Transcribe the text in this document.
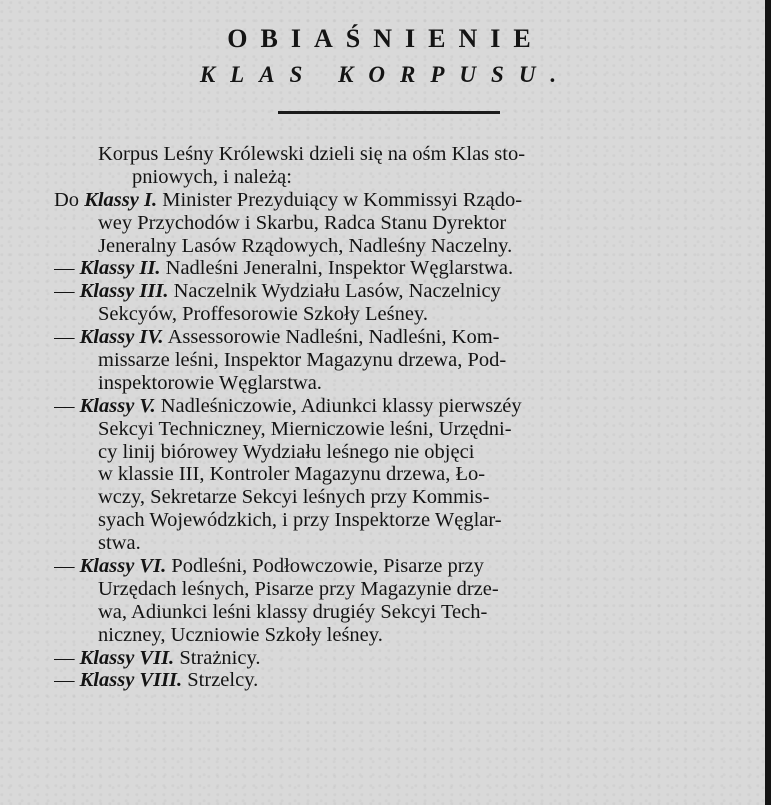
OBIAŚNIENIE
KLAS KORPUSU.
Korpus Leśny Królewski dzieli się na ośm Klas sto-
pniowych, i należą:
Do Klassy I. Minister Prezyduiący w Kommissyi Rządo-
wey Przychodów i Skarbu, Radca Stanu Dyrektor
Jeneralny Lasów Rządowych, Nadleśny Naczelny.
— Klassy II. Nadleśni Jeneralni, Inspektor Węglarstwa.
— Klassy III. Naczelnik Wydziału Lasów, Naczelnicy
Sekcyów, Proffesorowie Szkoły Leśney.
— Klassy IV. Assessorowie Nadleśni, Nadleśni, Kom-
missarze leśni, Inspektor Magazynu drzewa, Pod-
inspektorowie Węglarstwa.
— Klassy V. Nadleśniczowie, Adiunkci klassy pierwszéy
Sekcyi Techniczney, Mierniczowie leśni, Urzędni-
cy linij biórowey Wydziału leśnego nie objęci
w klassie III, Kontroler Magazynu drzewa, Ło-
wczy, Sekretarze Sekcyi leśnych przy Kommis-
syach Wojewódzkich, i przy Inspektorze Węglar-
stwa.
— Klassy VI. Podleśni, Podłowczowie, Pisarze przy
Urzędach leśnych, Pisarze przy Magazynie drze-
wa, Adiunkci leśni klassy drugiéy Sekcyi Tech-
niczney, Uczniowie Szkoły leśney.
— Klassy VII. Strażnicy.
— Klassy VIII. Strzelcy.
